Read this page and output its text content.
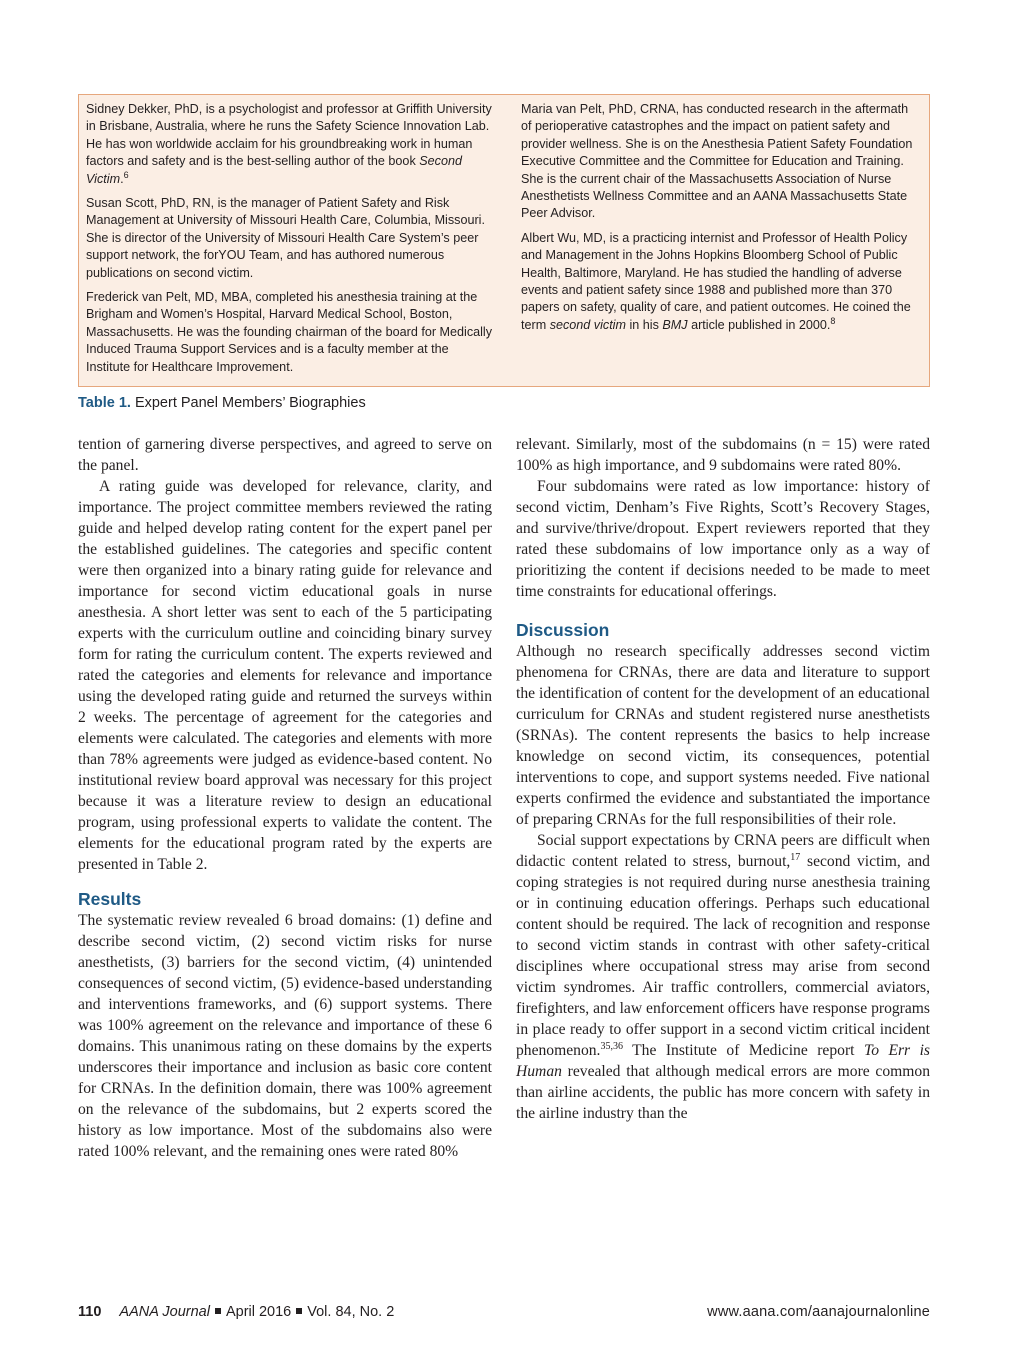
Sidney Dekker, PhD, is a psychologist and professor at Griffith University in Brisbane, Australia, where he runs the Safety Science Innovation Lab. He has won worldwide acclaim for his groundbreaking work in human factors and safety and is the best-selling author of the book Second Victim.$^6$

Susan Scott, PhD, RN, is the manager of Patient Safety and Risk Management at University of Missouri Health Care, Columbia, Missouri. She is director of the University of Missouri Health Care System’s peer support network, the forYOU Team, and has authored numerous publications on second victim.

Frederick van Pelt, MD, MBA, completed his anesthesia training at the Brigham and Women’s Hospital, Harvard Medical School, Boston, Massachusetts. He was the founding chairman of the board for Medically Induced Trauma Support Services and is a faculty member at the Institute for Healthcare Improvement.

Maria van Pelt, PhD, CRNA, has conducted research in the aftermath of perioperative catastrophes and the impact on patient safety and provider wellness. She is on the Anesthesia Patient Safety Foundation Executive Committee and the Committee for Education and Training. She is the current chair of the Massachusetts Association of Nurse Anesthetists Wellness Committee and an AANA Massachusetts State Peer Advisor.

Albert Wu, MD, is a practicing internist and Professor of Health Policy and Management in the Johns Hopkins Bloomberg School of Public Health, Baltimore, Maryland. He has studied the handling of adverse events and patient safety since 1988 and published more than 370 papers on safety, quality of care, and patient outcomes. He coined the term second victim in his BMJ article published in 2000.$^8$

Table 1. Expert Panel Members’ Biographies

tention of garnering diverse perspectives, and agreed to serve on the panel.

A rating guide was developed for relevance, clarity, and importance. The project committee members reviewed the rating guide and helped develop rating content for the expert panel per the established guidelines. The categories and specific content were then organized into a binary rating guide for relevance and importance for second victim educational goals in nurse anesthesia. A short letter was sent to each of the 5 participating experts with the curriculum outline and coinciding binary survey form for rating the curriculum content. The experts reviewed and rated the categories and elements for relevance and importance using the developed rating guide and returned the surveys within 2 weeks. The percentage of agreement for the categories and elements were calculated. The categories and elements with more than 78% agreements were judged as evidence-based content. No institutional review board approval was necessary for this project because it was a literature review to design an educational program, using professional experts to validate the content. The elements for the educational program rated by the experts are presented in Table 2.

Results

The systematic review revealed 6 broad domains: (1) define and describe second victim, (2) second victim risks for nurse anesthetists, (3) barriers for the second victim, (4) unintended consequences of second victim, (5) evidence-based understanding and interventions frameworks, and (6) support systems. There was 100% agreement on the relevance and importance of these 6 domains. This unanimous rating on these domains by the experts underscores their importance and inclusion as basic core content for CRNAs. In the definition domain, there was 100% agreement on the relevance of the subdomains, but 2 experts scored the history as low importance. Most of the subdomains also were rated 100% relevant, and the remaining ones were rated 80%

relevant. Similarly, most of the subdomains (n = 15) were rated 100% as high importance, and 9 subdomains were rated 80%.

Four subdomains were rated as low importance: history of second victim, Denham’s Five Rights, Scott’s Recovery Stages, and survive/thrive/dropout. Expert reviewers reported that they rated these subdomains of low importance only as a way of prioritizing the content if decisions needed to be made to meet time constraints for educational offerings.

Discussion

Although no research specifically addresses second victim phenomena for CRNAs, there are data and literature to support the identification of content for the development of an educational curriculum for CRNAs and student registered nurse anesthetists (SRNAs). The content represents the basics to help increase knowledge on second victim, its consequences, potential interventions to cope, and support systems needed. Five national experts confirmed the evidence and substantiated the importance of preparing CRNAs for the full responsibilities of their role.

Social support expectations by CRNA peers are difficult when didactic content related to stress, burnout,$^{17}$ second victim, and coping strategies is not required during nurse anesthesia training or in continuing education offerings. Perhaps such educational content should be required. The lack of recognition and response to second victim stands in contrast with other safety-critical disciplines where occupational stress may arise from second victim syndromes. Air traffic controllers, commercial aviators, firefighters, and law enforcement officers have response programs in place ready to offer support in a second victim critical incident phenomenon.$^{35,36}$ The Institute of Medicine report To Err is Human revealed that although medical errors are more common than airline accidents, the public has more concern with safety in the airline industry than the

110 AANA Journal April 2016 Vol. 84, No. 2	www.aana.com/aanajournalonline
